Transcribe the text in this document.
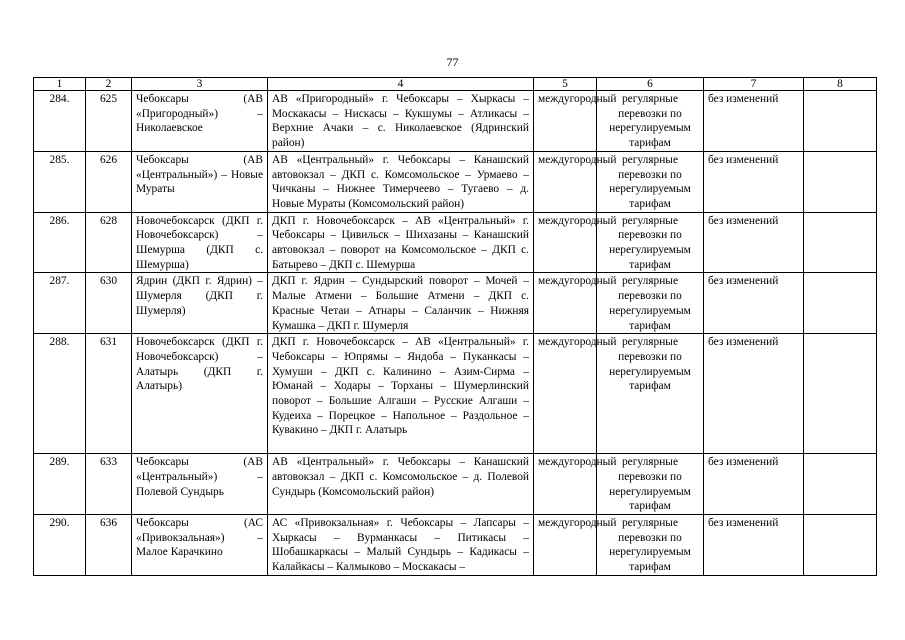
77
1	2	3	4	5	6	7	8
284.	625	Чебоксары (АВ «Пригородный») – Николаевское	АВ «Пригородный» г. Чебоксары – Хыркасы – Москакасы – Нискасы – Кукшумы – Атликасы – Верхние Ачаки – с. Николаевское (Ядринский район)	междугородный	регулярные перевозки по нерегулируемым тарифам	без изменений	
285.	626	Чебоксары (АВ «Центральный») – Новые Мураты	АВ «Центральный» г. Чебоксары – Канашский автовокзал – ДКП с. Комсомольское – Урмаево – Чичканы – Нижнее Тимерчеево – Тугаево – д. Новые Мураты (Комсомольский район)	междугородный	регулярные перевозки по нерегулируемым тарифам	без изменений	
286.	628	Новочебоксарск (ДКП г. Новочебоксарск) – Шемурша (ДКП с. Шемурша)	ДКП г. Новочебоксарск – АВ «Центральный» г. Чебоксары – Цивильск – Шихазаны – Канашский автовокзал – поворот на Комсомольское – ДКП с. Батырево – ДКП с. Шемурша	междугородный	регулярные перевозки по нерегулируемым тарифам	без изменений	
287.	630	Ядрин (ДКП г. Ядрин) – Шумерля (ДКП г. Шумерля)	ДКП г. Ядрин – Сундырский поворот – Мочей – Малые Атмени – Большие Атмени – ДКП с. Красные Четаи – Атнары – Саланчик – Нижняя Кумашка – ДКП г. Шумерля	междугородный	регулярные перевозки по нерегулируемым тарифам	без изменений	
288.	631	Новочебоксарск (ДКП г. Новочебоксарск) – Алатырь (ДКП г. Алатырь)	ДКП г. Новочебоксарск – АВ «Центральный» г. Чебоксары – Юпрямы – Яндоба – Пуканкасы – Хумуши – ДКП с. Калинино – Азим-Сирма – Юманай – Ходары – Торханы – Шумерлинский поворот – Большие Алгаши – Русские Алгаши – Кудеиха – Порецкое – Напольное – Раздольное – Кувакино – ДКП г. Алатырь	междугородный	регулярные перевозки по нерегулируемым тарифам	без изменений	
289.	633	Чебоксары (АВ «Центральный») – Полевой Сундырь	АВ «Центральный» г. Чебоксары – Канашский автовокзал – ДКП с. Комсомольское – д. Полевой Сундырь (Комсомольский район)	междугородный	регулярные перевозки по нерегулируемым тарифам	без изменений	
290.	636	Чебоксары (АС «Привокзальная») – Малое Карачкино	АС «Привокзальная» г. Чебоксары – Лапсары – Хыркасы – Вурманкасы – Питикасы – Шобашкаркасы – Малый Сундырь – Кадикасы – Калайкасы – Калмыково – Москакасы –	междугородный	регулярные перевозки по нерегулируемым тарифам	без изменений	
